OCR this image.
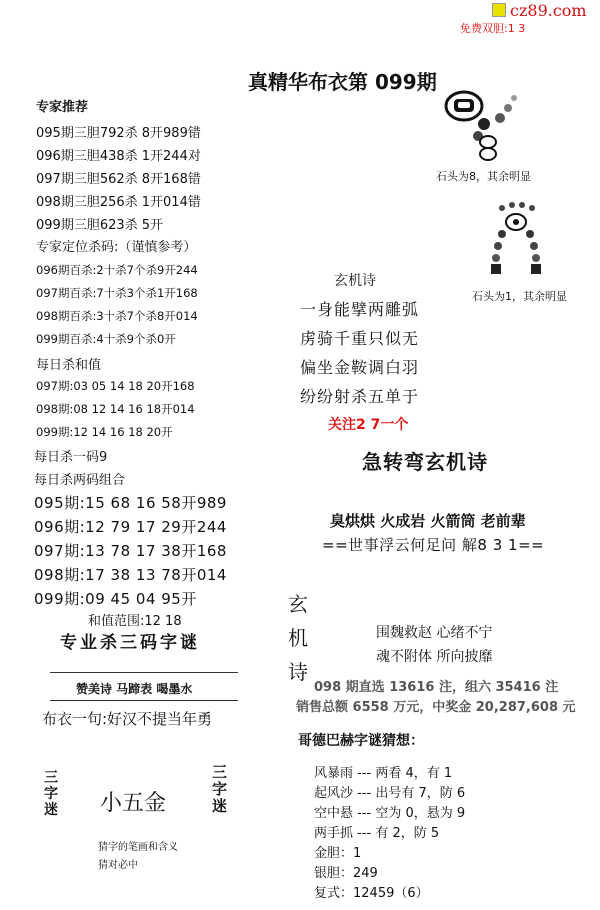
cz89.com
免费双胆:1 3
真精华布衣第 099期
专家推荐
095期三胆792杀 8开989错
096期三胆438杀 1开244对
097期三胆562杀 8开168错
098期三胆256杀 1开014错
099期三胆623杀 5开
专家定位杀码:（谨慎参考）
096期百杀:2十杀7个杀9开244
097期百杀:7十杀3个杀1开168
098期百杀:3十杀7个杀8开014
099期百杀:4十杀9个杀0开
每日杀和值
097期:03 05 14 18 20开168
098期:08 12 14 16 18开014
099期:12 14 16 18 20开
每日杀一码9
每日杀两码组合
095期:15 68 16 58开989
096期:12 79 17 29开244
097期:13 78 17 38开168
098期:17 38 13 78开014
099期:09 45 04 95开
和值范围:12 18
专业杀三码字谜
赞美诗 马蹄表 喝墨水
布衣一句:好汉不提当年勇
三
字
迷 小五金
三
字
迷
猜字的笔画和含义
猜对必中
石头为8，其余明显
石头为1，其余明显
玄机诗
一身能擘两雕弧
虏骑千重只似无
偏坐金鞍调白羽
纷纷射杀五单于
关注2 7一个
急转弯玄机诗
臭烘烘 火成岩 火箭筒 老前辈
==世事浮云何足问 解8 3 1==
玄
机
诗
围魏救赵 心绪不宁
魂不附体 所向披靡
098 期直选 13616 注，组六 35416 注
销售总额 6558 万元，中奖金 20,287,608 元
哥德巴赫字谜猜想：
风暴雨 --- 两看 4，有 1
起风沙 --- 出号有 7，防 6
空中悬 --- 空为 0，悬为 9
两手抓 --- 有 2，防 5
金胆：1
银胆：249
复式：12459（6）
